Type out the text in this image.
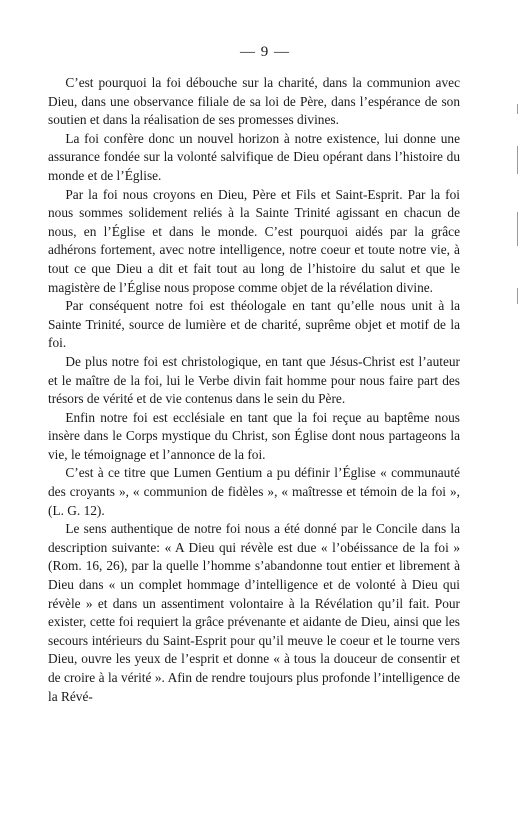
— 9 —

C’est pourquoi la foi débouche sur la charité, dans la communion avec Dieu, dans une observance filiale de sa loi de Père, dans l’espérance de son soutien et dans la réalisation de ses promesses divines.

La foi confère donc un nouvel horizon à notre existence, lui donne une assurance fondée sur la volonté salvifique de Dieu opérant dans l’histoire du monde et de l’Église.

Par la foi nous croyons en Dieu, Père et Fils et Saint-Esprit. Par la foi nous sommes solidement reliés à la Sainte Trinité agissant en chacun de nous, en l’Église et dans le monde. C’est pourquoi aidés par la grâce adhérons fortement, avec notre intelligence, notre coeur et toute notre vie, à tout ce que Dieu a dit et fait tout au long de l’histoire du salut et que le magistère de l’Église nous propose comme objet de la révélation divine.

Par conséquent notre foi est théologale en tant qu’elle nous unit à la Sainte Trinité, source de lumière et de charité, suprême objet et motif de la foi.

De plus notre foi est christologique, en tant que Jésus-Christ est l’auteur et le maître de la foi, lui le Verbe divin fait homme pour nous faire part des trésors de vérité et de vie contenus dans le sein du Père.

Enfin notre foi est ecclésiale en tant que la foi reçue au baptême nous insère dans le Corps mystique du Christ, son Église dont nous partageons la vie, le témoignage et l’annonce de la foi.

C’est à ce titre que Lumen Gentium a pu définir l’Église « communauté des croyants », « communion de fidèles », « maîtresse et témoin de la foi », (L. G. 12).

Le sens authentique de notre foi nous a été donné par le Concile dans la description suivante: « A Dieu qui révèle est due « l’obéissance de la foi » (Rom. 16, 26), par la quelle l’homme s’abandonne tout entier et librement à Dieu dans « un complet hommage d’intelligence et de volonté à Dieu qui révèle » et dans un assentiment volontaire à la Révélation qu’il fait. Pour exister, cette foi requiert la grâce prévenante et aidante de Dieu, ainsi que les secours intérieurs du Saint-Esprit pour qu’il meuve le coeur et le tourne vers Dieu, ouvre les yeux de l’esprit et donne « à tous la douceur de consentir et de croire à la vérité ». Afin de rendre toujours plus profonde l’intelligence de la Révé-
